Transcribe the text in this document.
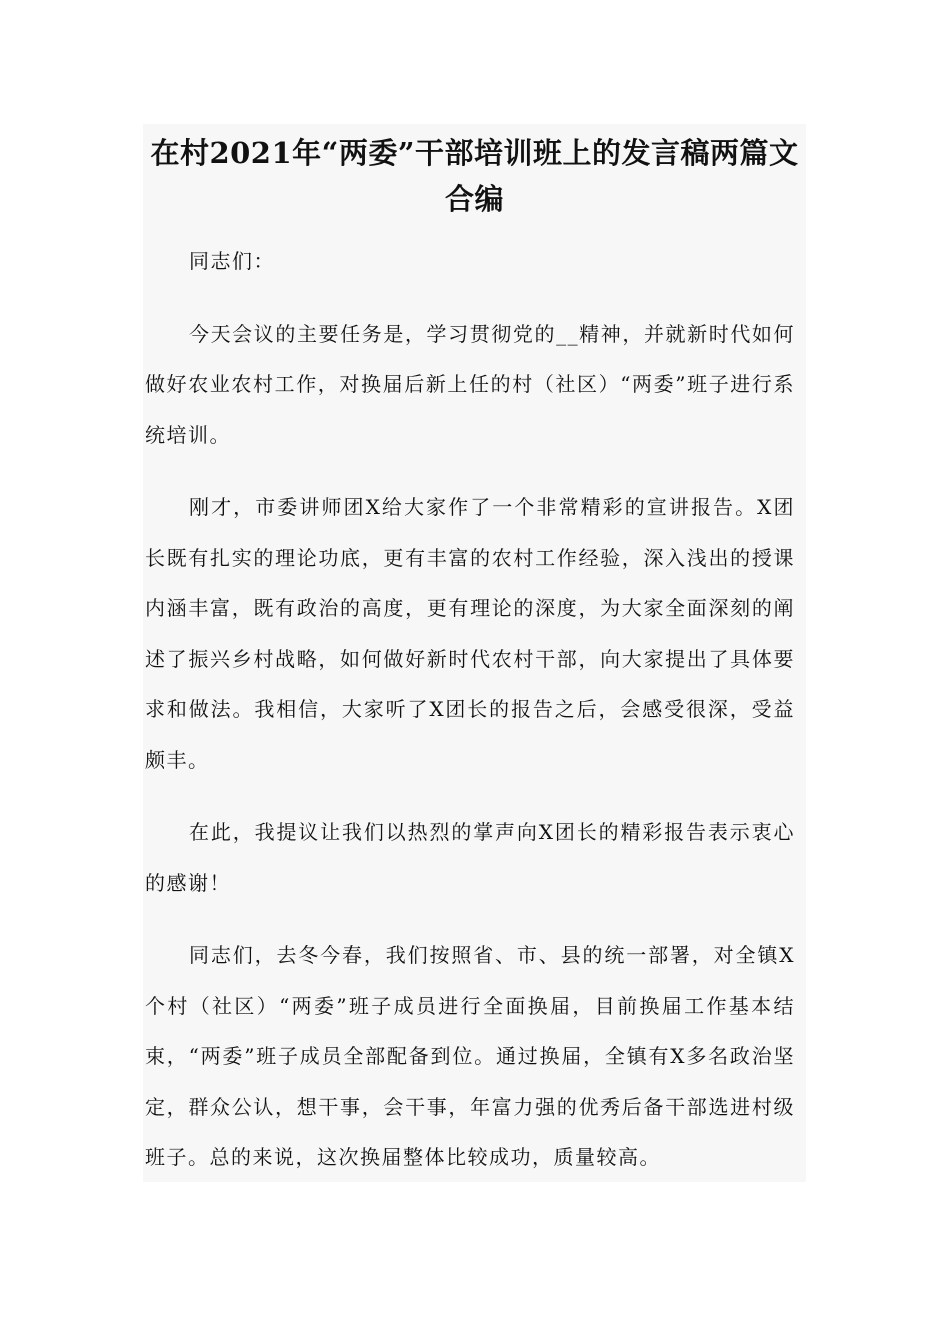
在村2021年“两委”干部培训班上的发言稿两篇文合编

同志们：

今天会议的主要任务是，学习贯彻党的__精神，并就新时代如何做好农业农村工作，对换届后新上任的村（社区）“两委”班子进行系统培训。

刚才，市委讲师团X给大家作了一个非常精彩的宣讲报告。X团长既有扎实的理论功底，更有丰富的农村工作经验，深入浅出的授课内涵丰富，既有政治的高度，更有理论的深度，为大家全面深刻的阐述了振兴乡村战略，如何做好新时代农村干部，向大家提出了具体要求和做法。我相信，大家听了X团长的报告之后，会感受很深，受益颇丰。

在此，我提议让我们以热烈的掌声向X团长的精彩报告表示衷心的感谢！

同志们，去冬今春，我们按照省、市、县的统一部署，对全镇X个村（社区）“两委”班子成员进行全面换届，目前换届工作基本结束，“两委”班子成员全部配备到位。通过换届，全镇有X多名政治坚定，群众公认，想干事，会干事，年富力强的优秀后备干部选进村级班子。总的来说，这次换届整体比较成功，质量较高。
